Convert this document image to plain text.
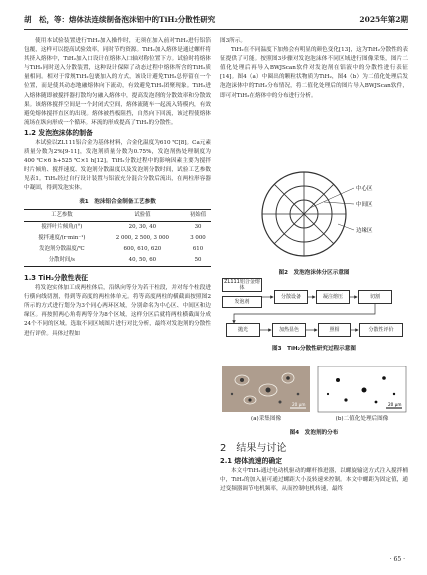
胡　松，等：熔体法连续制备泡沫铝中的TiH₂分散性研究	2025年第2期

使用本试验装置进行TiH₂加入操作时，无须在加入前对TiH₂进行铝箔包覆，这样可以提高试验效率，同时节约资源。TiH₂加入熔体是通过螺杆将其挤入熔体中，TiH₂加入口设计在熔体入口轴对称位置下方。试验时将熔体与TiH₂同时送入分散装置，这种设计保障了动态过程中熔体所含的TiH₂质量相同。相对于常规TiH₂包裹加入的方式，该设计避免TiH₂总停留在一个位置，而是使其动态地融熔体向下流动，有效避免TiH₂团聚现象。TiH₂进入熔体随即被搅拌器打散均匀融入熔体中，提高发泡剂的分散效率和分散效果。该熔体搅拌空间是一个封闭式空间，熔体流随车一起流入铸模内，有效避免熔体搅拌直区的出现。熔体被挡板阻挡，自然向下回流，该过程使熔体流场在纵向形成一个循环。环流的形成提高了TiH₂的分散性。

1.2 发泡泡沫体的制备

本试验以ZL111铝合金为基体材料，合金化温度为610 ℃[8]。Ca元素质量分数为2%[9-11]，发泡剂质量分数为0.75%，发泡剂热处理制度为400 ℃×6 h+525 ℃×1 h[12]。TiH₂分散过程中的影响因素主要为搅拌时片倾角、搅拌速度、发泡剂分散温度以及发泡剂分散时间，试验工艺参数见表1。TiH₂经过自行设计装置与铝液充分混合分散后流出，在两柱形容器中凝固，得到发泡实体。

表1　泡沫铝合金制备工艺参数
工艺参数	试验值	初始值
搅拌叶片倾角/(°)	20, 30, 40	30
搅拌速度/(r·min⁻¹)	2 000, 2 500, 3 000	3 000
发泡剂分散温度/℃	600, 610, 620	610
分散时间/s	40, 50, 60	50

1.3 TiH₂分散性表征

将发泡实体加工成两柱体后，沿纵向等分为若干柱段，并对每个柱段进行横向线切割，得到等高度的两柱体单元。将等高度两柱的横截面按照图2所示的方式进行划分为3个同心两环区域，分别命名为中心区、中间区和边缘区。再按照两心角将两等分为8个区域，这样分区后就将两柱横截面分成24个不同的区域。选取不同区域图片进行对比分析，最终对发泡剂的分散性进行评价。具体过程如

图3所示。

TiH₂在不同温度下加热会有明显的颜色变化[13]，这为TiH₂分散性的表征提供了可能。按照图3步骤对发泡泡沫体不同区域进行图像采集，图片二值化处理后再导入BWJScan软件对发泡剂在铝液中的分散性进行表征[14]。图4（a）中圈出的颗粒状物质为TiH₂，图4（b）为二值化处理后发泡泡沫体中的TiH₂分布情况，将二值化处理后的图片导入BWJScan软件，即可对TiH₂在熔体中的分布进行分析。

中心区
中间区
边缘区
图2　发泡泡沫体分区示意图
ZL111铝合金熔体
发泡剂
分散设备	凝注熔压	切割
抛光	加热显色	照相	分散性评价
图3　TiH₂分散性研究过程示意图
20 μm	20 μm
(a)采集图像	(b)二值化处理后图像
图4　发泡剂的分布

2　结果与讨论

2.1 熔体流速的确定

本文中TiH₂通过电动机驱动的螺杆推进器，以螺旋输送方式注入搅拌桶中，TiH₂的加入量可通过螺距大小及转速来控制。本文中螺距为固定值，通过变频器调节电机频率，从而控制电机转速，最终

· 65 ·
